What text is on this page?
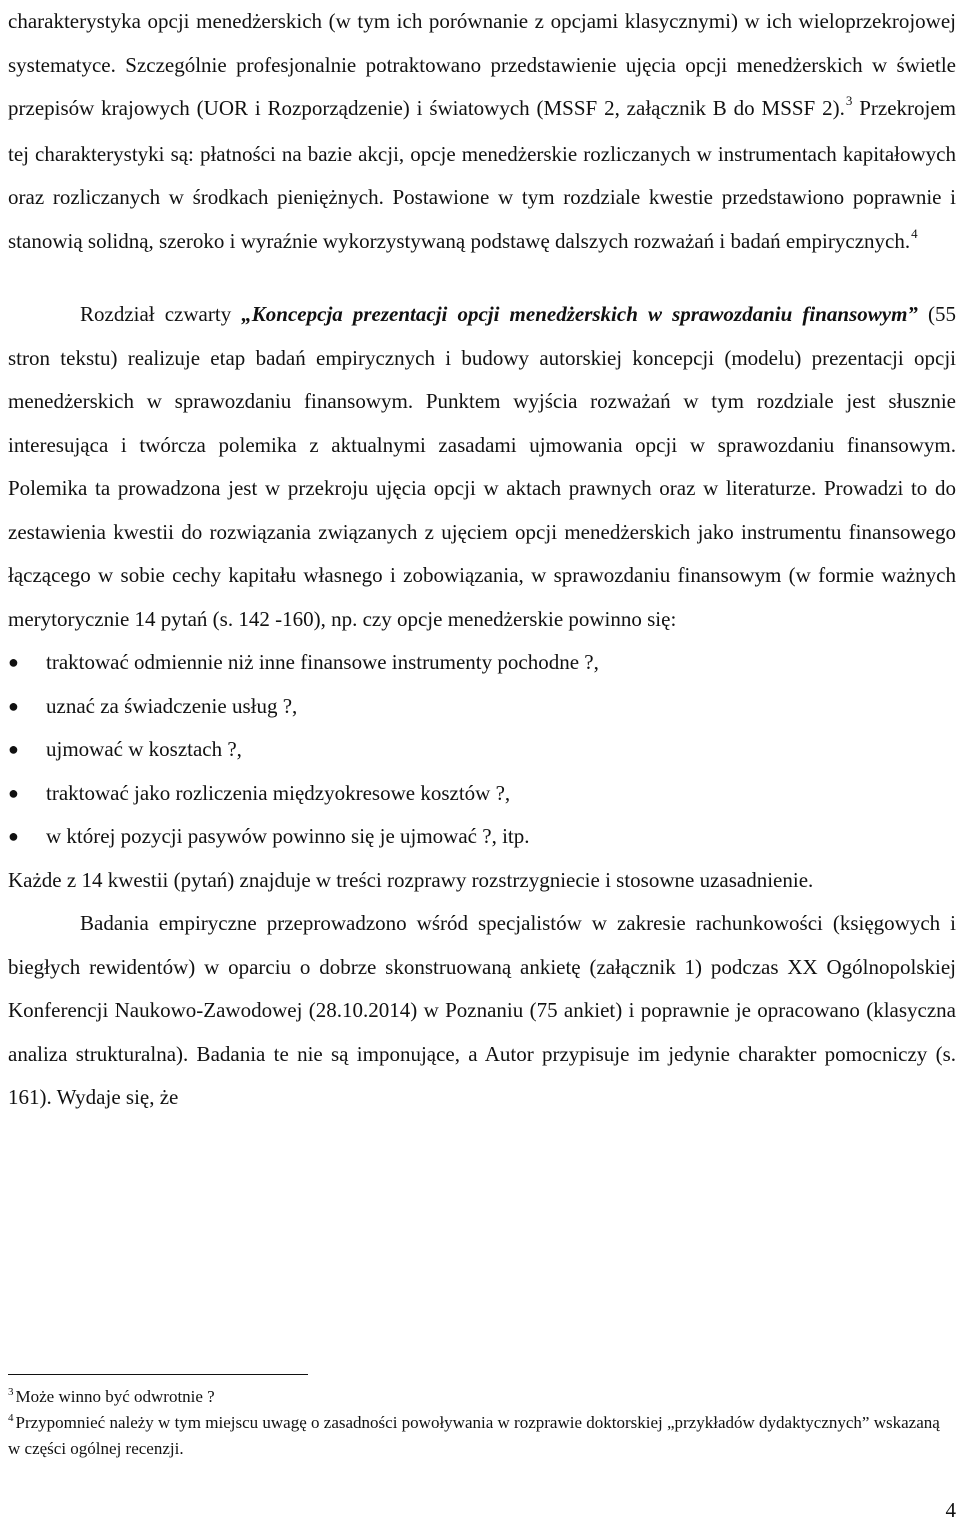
charakterystyka opcji menedżerskich (w tym ich porównanie z opcjami klasycznymi) w ich wieloprzekrojowej systematyce. Szczególnie profesjonalnie potraktowano przedstawienie ujęcia opcji menedżerskich w świetle przepisów krajowych (UOR i Rozporządzenie) i światowych (MSSF 2, załącznik B do MSSF 2).$^3$ Przekrojem tej charakterystyki są: płatności na bazie akcji, opcje menedżerskie rozliczanych w instrumentach kapitałowych oraz rozliczanych w środkach pieniężnych. Postawione w tym rozdziale kwestie przedstawiono poprawnie i stanowią solidną, szeroko i wyraźnie wykorzystywaną podstawę dalszych rozważań i badań empirycznych.$^4$

Rozdział czwarty „Koncepcja prezentacji opcji menedżerskich w sprawozdaniu finansowym” (55 stron tekstu) realizuje etap badań empirycznych i budowy autorskiej koncepcji (modelu) prezentacji opcji menedżerskich w sprawozdaniu finansowym. Punktem wyjścia rozważań w tym rozdziale jest słusznie interesująca i twórcza polemika z aktualnymi zasadami ujmowania opcji w sprawozdaniu finansowym. Polemika ta prowadzona jest w przekroju ujęcia opcji w aktach prawnych oraz w literaturze. Prowadzi to do zestawienia kwestii do rozwiązania związanych z ujęciem opcji menedżerskich jako instrumentu finansowego łączącego w sobie cechy kapitału własnego i zobowiązania, w sprawozdaniu finansowym (w formie ważnych merytorycznie 14 pytań (s. 142 -160), np. czy opcje menedżerskie powinno się:

● traktować odmiennie niż inne finansowe instrumenty pochodne ?,
● uznać za świadczenie usług ?,
● ujmować w kosztach ?,
● traktować jako rozliczenia międzyokresowe kosztów ?,
● w której pozycji pasywów powinno się je ujmować ?, itp.

Każde z 14 kwestii (pytań) znajduje w treści rozprawy rozstrzygniecie i stosowne uzasadnienie.

Badania empiryczne przeprowadzono wśród specjalistów w zakresie rachunkowości (księgowych i biegłych rewidentów) w oparciu o dobrze skonstruowaną ankietę (załącznik 1) podczas XX Ogólnopolskiej Konferencji Naukowo-Zawodowej (28.10.2014) w Poznaniu (75 ankiet) i poprawnie je opracowano (klasyczna analiza strukturalna). Badania te nie są imponujące, a Autor przypisuje im jedynie charakter pomocniczy (s. 161). Wydaje się, że

$^3$ Może winno być odwrotnie ?
$^4$ Przypomnieć należy w tym miejscu uwagę o zasadności powoływania w rozprawie doktorskiej „przykładów dydaktycznych” wskazaną w części ogólnej recenzji.
4
